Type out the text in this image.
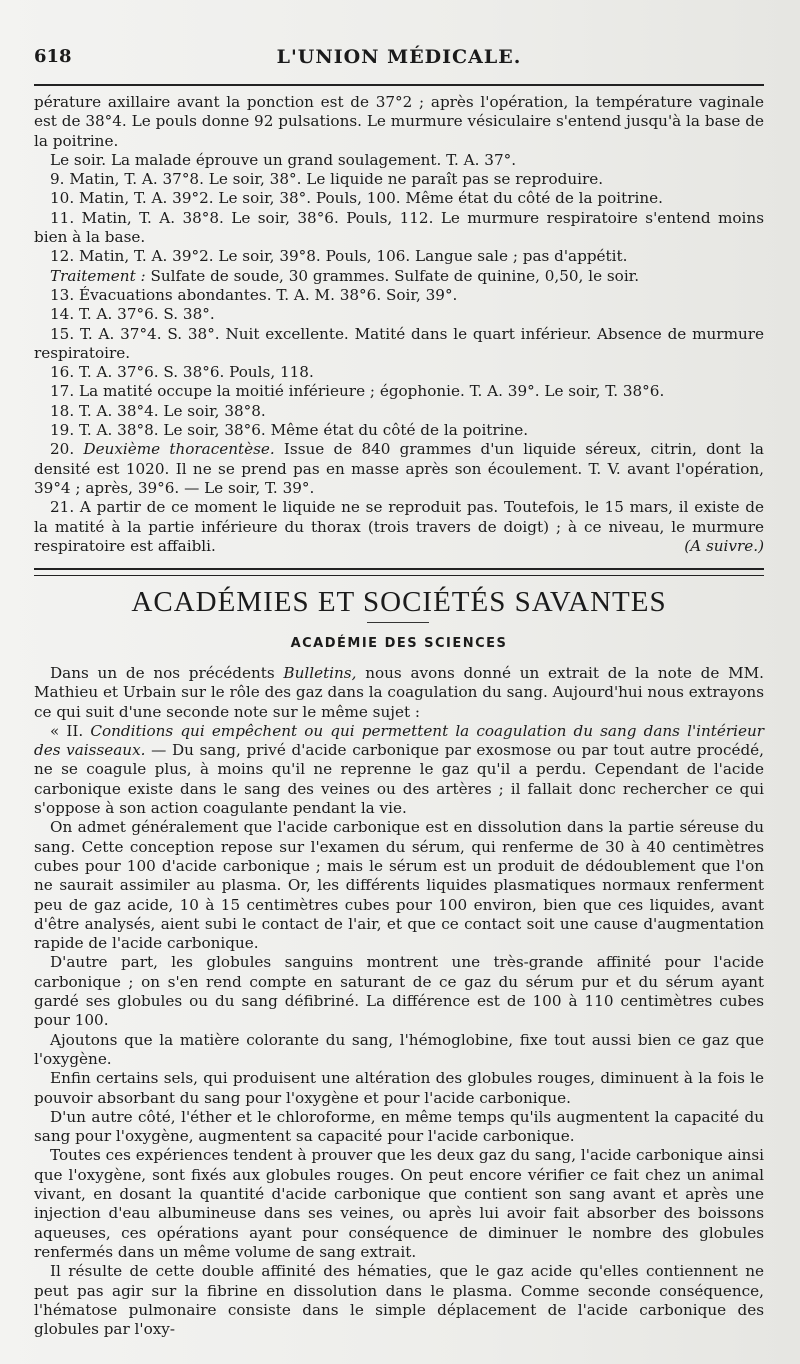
618	L'UNION MÉDICALE.

pérature axillaire avant la ponction est de 37°2 ; après l'opération, la température vaginale est de 38°4. Le pouls donne 92 pulsations. Le murmure vésiculaire s'entend jusqu'à la base de la poitrine.

Le soir. La malade éprouve un grand soulagement. T. A. 37°.

9. Matin, T. A. 37°8. Le soir, 38°. Le liquide ne paraît pas se reproduire.

10. Matin, T. A. 39°2. Le soir, 38°. Pouls, 100. Même état du côté de la poitrine.

11. Matin, T. A. 38°8. Le soir, 38°6. Pouls, 112. Le murmure respiratoire s'entend moins bien à la base.

12. Matin, T. A. 39°2. Le soir, 39°8. Pouls, 106. Langue sale ; pas d'appétit.

Traitement : Sulfate de soude, 30 grammes. Sulfate de quinine, 0,50, le soir.

13. Évacuations abondantes. T. A. M. 38°6. Soir, 39°.

14. T. A. 37°6. S. 38°.

15. T. A. 37°4. S. 38°. Nuit excellente. Matité dans le quart inférieur. Absence de murmure respiratoire.

16. T. A. 37°6. S. 38°6. Pouls, 118.

17. La matité occupe la moitié inférieure ; égophonie. T. A. 39°. Le soir, T. 38°6.

18. T. A. 38°4. Le soir, 38°8.

19. T. A. 38°8. Le soir, 38°6. Même état du côté de la poitrine.

20. Deuxième thoracentèse. Issue de 840 grammes d'un liquide séreux, citrin, dont la densité est 1020. Il ne se prend pas en masse après son écoulement. T. V. avant l'opération, 39°4 ; après, 39°6. — Le soir, T. 39°.

21. A partir de ce moment le liquide ne se reproduit pas. Toutefois, le 15 mars, il existe de la matité à la partie inférieure du thorax (trois travers de doigt) ; à ce niveau, le murmure respiratoire est affaibli.	(A suivre.)

ACADÉMIES ET SOCIÉTÉS SAVANTES
ACADÉMIE DES SCIENCES

Dans un de nos précédents Bulletins, nous avons donné un extrait de la note de MM. Mathieu et Urbain sur le rôle des gaz dans la coagulation du sang. Aujourd'hui nous extrayons ce qui suit d'une seconde note sur le même sujet :

« II. Conditions qui empêchent ou qui permettent la coagulation du sang dans l'intérieur des vaisseaux. — Du sang, privé d'acide carbonique par exosmose ou par tout autre procédé, ne se coagule plus, à moins qu'il ne reprenne le gaz qu'il a perdu. Cependant de l'acide carbonique existe dans le sang des veines ou des artères ; il fallait donc rechercher ce qui s'oppose à son action coagulante pendant la vie.

On admet généralement que l'acide carbonique est en dissolution dans la partie séreuse du sang. Cette conception repose sur l'examen du sérum, qui renferme de 30 à 40 centimètres cubes pour 100 d'acide carbonique ; mais le sérum est un produit de dédoublement que l'on ne saurait assimiler au plasma. Or, les différents liquides plasmatiques normaux renferment peu de gaz acide, 10 à 15 centimètres cubes pour 100 environ, bien que ces liquides, avant d'être analysés, aient subi le contact de l'air, et que ce contact soit une cause d'augmentation rapide de l'acide carbonique.

D'autre part, les globules sanguins montrent une très-grande affinité pour l'acide carbonique ; on s'en rend compte en saturant de ce gaz du sérum pur et du sérum ayant gardé ses globules ou du sang défibriné. La différence est de 100 à 110 centimètres cubes pour 100.

Ajoutons que la matière colorante du sang, l'hémoglobine, fixe tout aussi bien ce gaz que l'oxygène.

Enfin certains sels, qui produisent une altération des globules rouges, diminuent à la fois le pouvoir absorbant du sang pour l'oxygène et pour l'acide carbonique.

D'un autre côté, l'éther et le chloroforme, en même temps qu'ils augmentent la capacité du sang pour l'oxygène, augmentent sa capacité pour l'acide carbonique.

Toutes ces expériences tendent à prouver que les deux gaz du sang, l'acide carbonique ainsi que l'oxygène, sont fixés aux globules rouges. On peut encore vérifier ce fait chez un animal vivant, en dosant la quantité d'acide carbonique que contient son sang avant et après une injection d'eau albumineuse dans ses veines, ou après lui avoir fait absorber des boissons aqueuses, ces opérations ayant pour conséquence de diminuer le nombre des globules renfermés dans un même volume de sang extrait.

Il résulte de cette double affinité des hématies, que le gaz acide qu'elles contiennent ne peut pas agir sur la fibrine en dissolution dans le plasma. Comme seconde conséquence, l'hématose pulmonaire consiste dans le simple déplacement de l'acide carbonique des globules par l'oxy-
